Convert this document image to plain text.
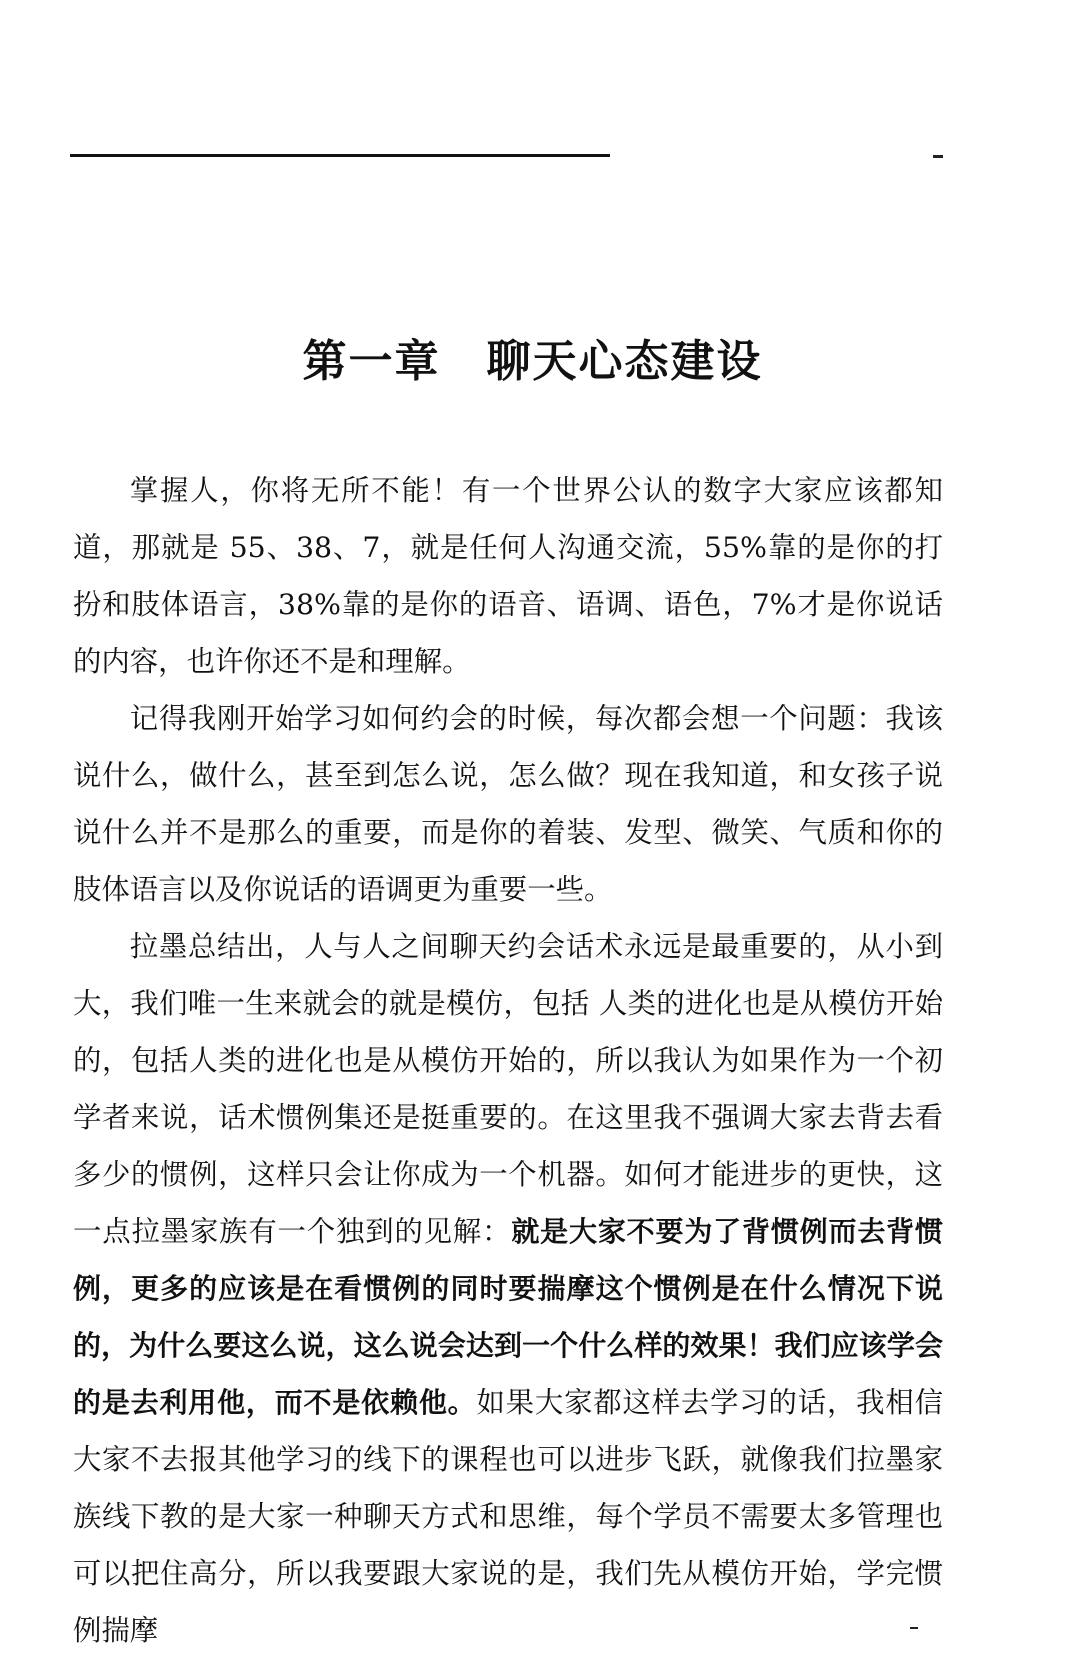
第一章　聊天心态建设

掌握人，你将无所不能！有一个世界公认的数字大家应该都知道，那就是 55、38、7，就是任何人沟通交流，55%靠的是你的打扮和肢体语言，38%靠的是你的语音、语调、语色，7%才是你说话的内容，也许你还不是和理解。

记得我刚开始学习如何约会的时候，每次都会想一个问题：我该说什么，做什么，甚至到怎么说，怎么做？现在我知道，和女孩子说说什么并不是那么的重要，而是你的着装、发型、微笑、气质和你的肢体语言以及你说话的语调更为重要一些。

拉墨总结出，人与人之间聊天约会话术永远是最重要的，从小到大，我们唯一生来就会的就是模仿，包括 人类的进化也是从模仿开始的，包括人类的进化也是从模仿开始的，所以我认为如果作为一个初学者来说，话术惯例集还是挺重要的。在这里我不强调大家去背去看多少的惯例，这样只会让你成为一个机器。如何才能进步的更快，这一点拉墨家族有一个独到的见解：就是大家不要为了背惯例而去背惯例，更多的应该是在看惯例的同时要揣摩这个惯例是在什么情况下说的，为什么要这么说，这么说会达到一个什么样的效果！我们应该学会的是去利用他，而不是依赖他。如果大家都这样去学习的话，我相信大家不去报其他学习的线下的课程也可以进步飞跃，就像我们拉墨家族线下教的是大家一种聊天方式和思维，每个学员不需要太多管理也可以把住高分，所以我要跟大家说的是，我们先从模仿开始，学完惯例揣摩
